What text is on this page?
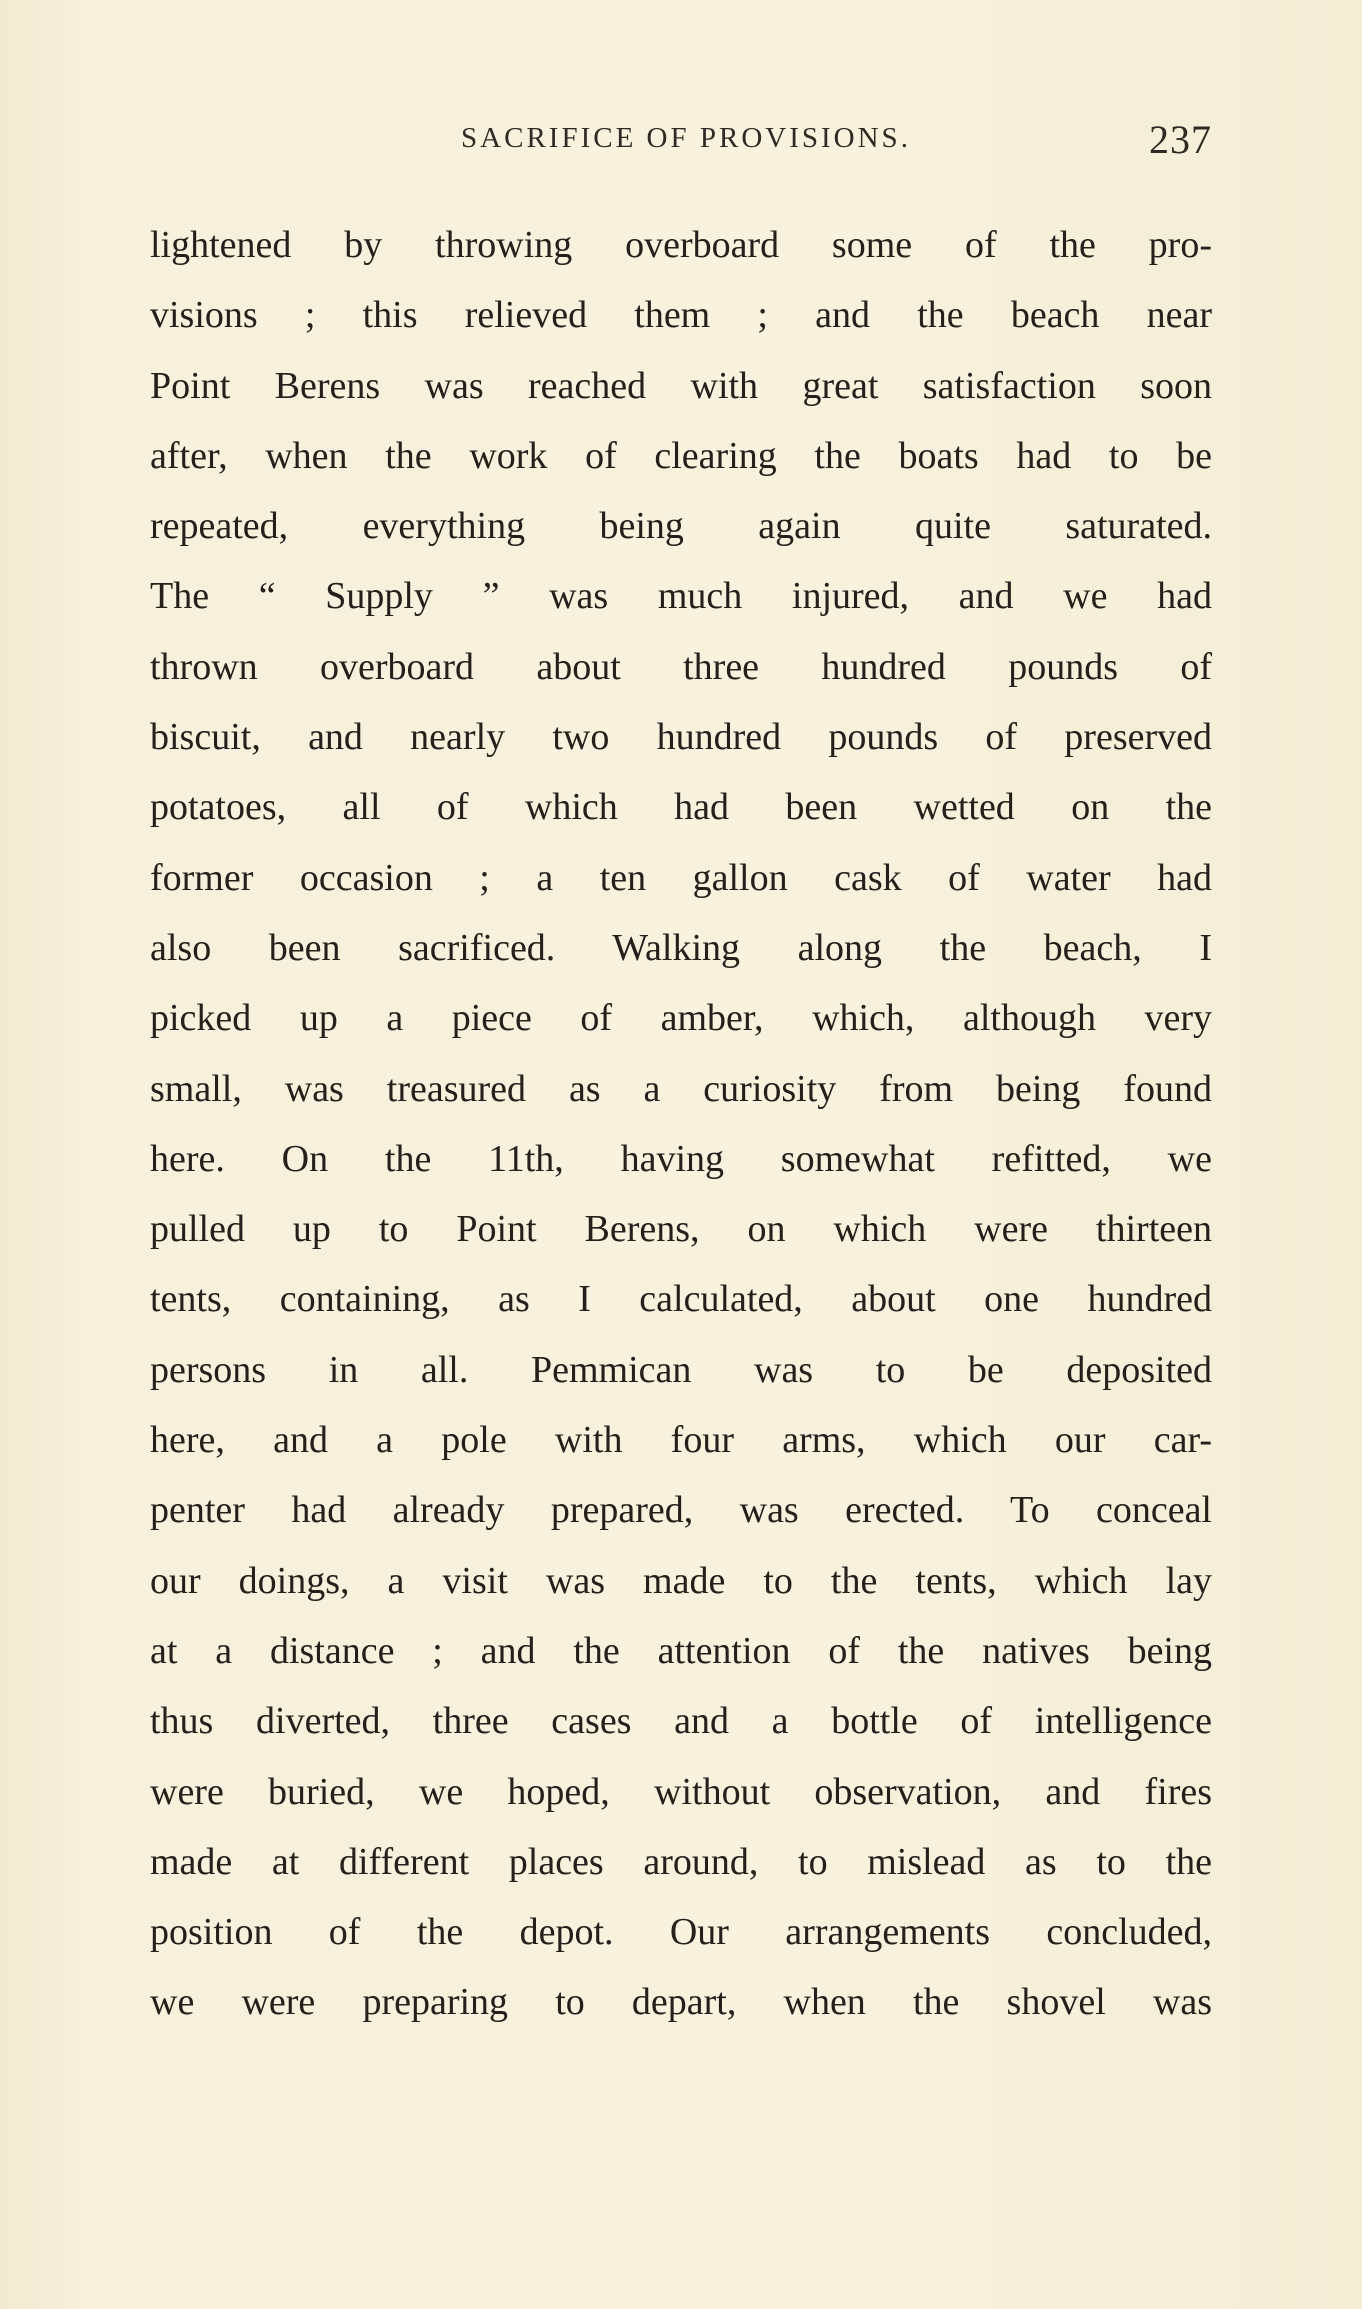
SACRIFICE OF PROVISIONS.	237
lightened by throwing overboard some of the pro-
visions ; this relieved them ; and the beach near
Point Berens was reached with great satisfaction soon
after, when the work of clearing the boats had to be
repeated, everything being again quite saturated.
The “ Supply ” was much injured, and we had
thrown overboard about three hundred pounds of
biscuit, and nearly two hundred pounds of preserved
potatoes, all of which had been wetted on the
former occasion ; a ten gallon cask of water had
also been sacrificed. Walking along the beach, I
picked up a piece of amber, which, although very
small, was treasured as a curiosity from being found
here. On the 11th, having somewhat refitted, we
pulled up to Point Berens, on which were thirteen
tents, containing, as I calculated, about one hundred
persons in all. Pemmican was to be deposited
here, and a pole with four arms, which our car-
penter had already prepared, was erected. To conceal
our doings, a visit was made to the tents, which lay
at a distance ; and the attention of the natives being
thus diverted, three cases and a bottle of intelligence
were buried, we hoped, without observation, and fires
made at different places around, to mislead as to the
position of the depot. Our arrangements concluded,
we were preparing to depart, when the shovel was
